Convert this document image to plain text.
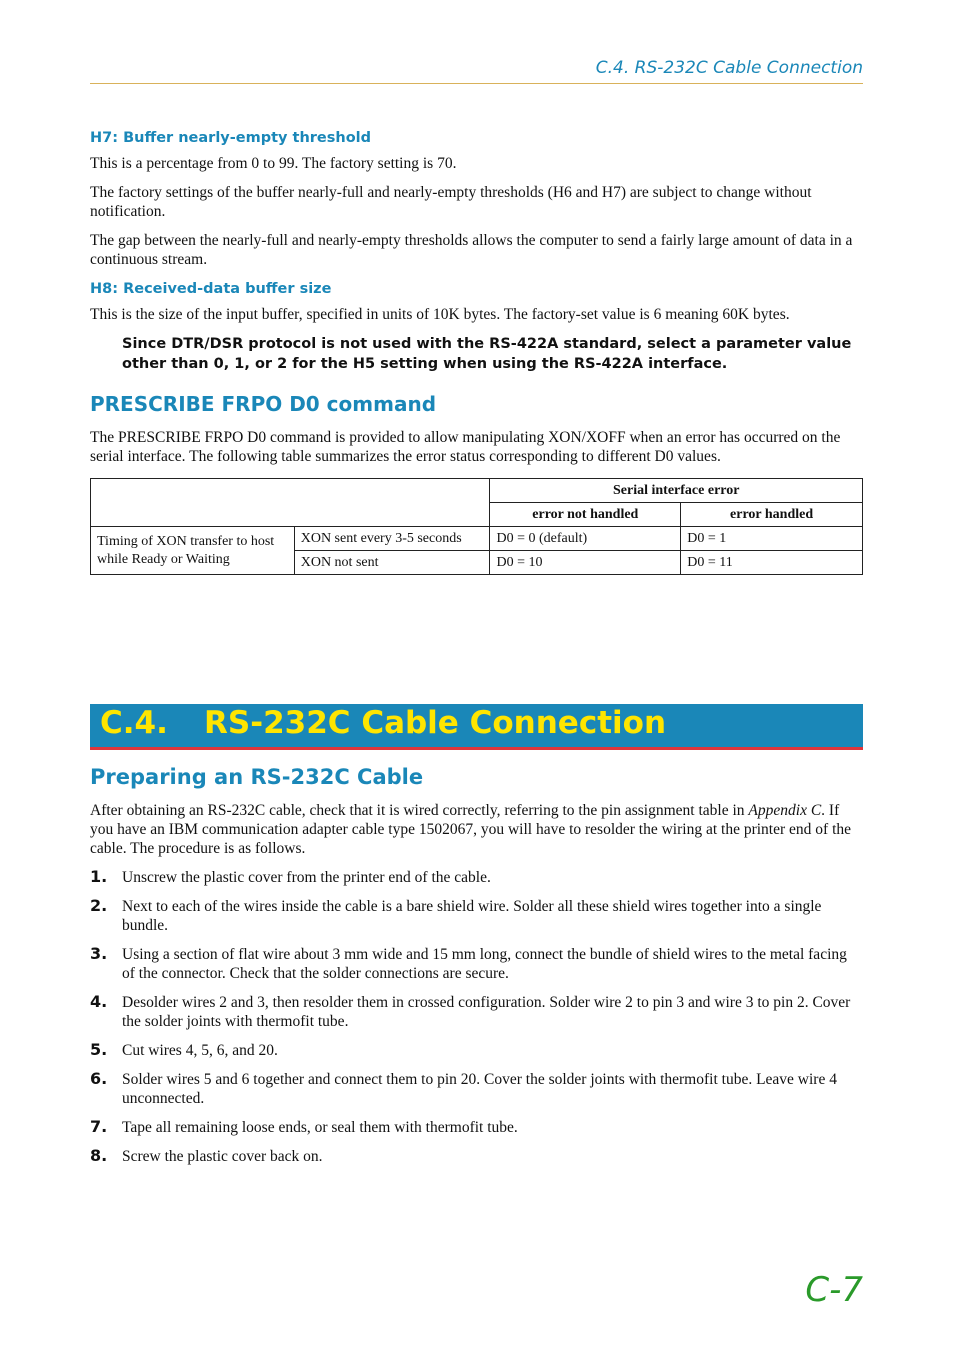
C.4. RS-232C Cable Connection
H7: Buffer nearly-empty threshold

This is a percentage from 0 to 99. The factory setting is 70.

The factory settings of the buffer nearly-full and nearly-empty thresholds (H6 and H7) are subject to change without notification.

The gap between the nearly-full and nearly-empty thresholds allows the computer to send a fairly large amount of data in a continuous stream.

H8: Received-data buffer size

This is the size of the input buffer, specified in units of 10K bytes. The factory-set value is 6 meaning 60K bytes.

Since DTR/DSR protocol is not used with the RS-422A standard, select a parameter value other than 0, 1, or 2 for the H5 setting when using the RS-422A interface.
PRESCRIBE FRPO D0 command

The PRESCRIBE FRPO D0 command is provided to allow manipulating XON/XOFF when an error has occurred on the serial interface. The following table summarizes the error status corresponding to different D0 values.

		Serial interface error	
		error not handled	error handled
Timing of XON transfer to host while Ready or Waiting	XON sent every 3-5 seconds	D0 = 0 (default)	D0 = 1
	XON not sent	D0 = 10	D0 = 11
C.4. RS-232C Cable Connection
Preparing an RS-232C Cable

After obtaining an RS-232C cable, check that it is wired correctly, referring to the pin assignment table in Appendix C. If you have an IBM communication adapter cable type 1502067, you will have to resolder the wiring at the printer end of the cable. The procedure is as follows.

1. Unscrew the plastic cover from the printer end of the cable.
2. Next to each of the wires inside the cable is a bare shield wire. Solder all these shield wires together into a single bundle.
3. Using a section of flat wire about 3 mm wide and 15 mm long, connect the bundle of shield wires to the metal facing of the connector. Check that the solder connections are secure.
4. Desolder wires 2 and 3, then resolder them in crossed configuration. Solder wire 2 to pin 3 and wire 3 to pin 2. Cover the solder joints with thermofit tube.
5. Cut wires 4, 5, 6, and 20.
6. Solder wires 5 and 6 together and connect them to pin 20. Cover the solder joints with thermofit tube. Leave wire 4 unconnected.
7. Tape all remaining loose ends, or seal them with thermofit tube.
8. Screw the plastic cover back on.
C-7
